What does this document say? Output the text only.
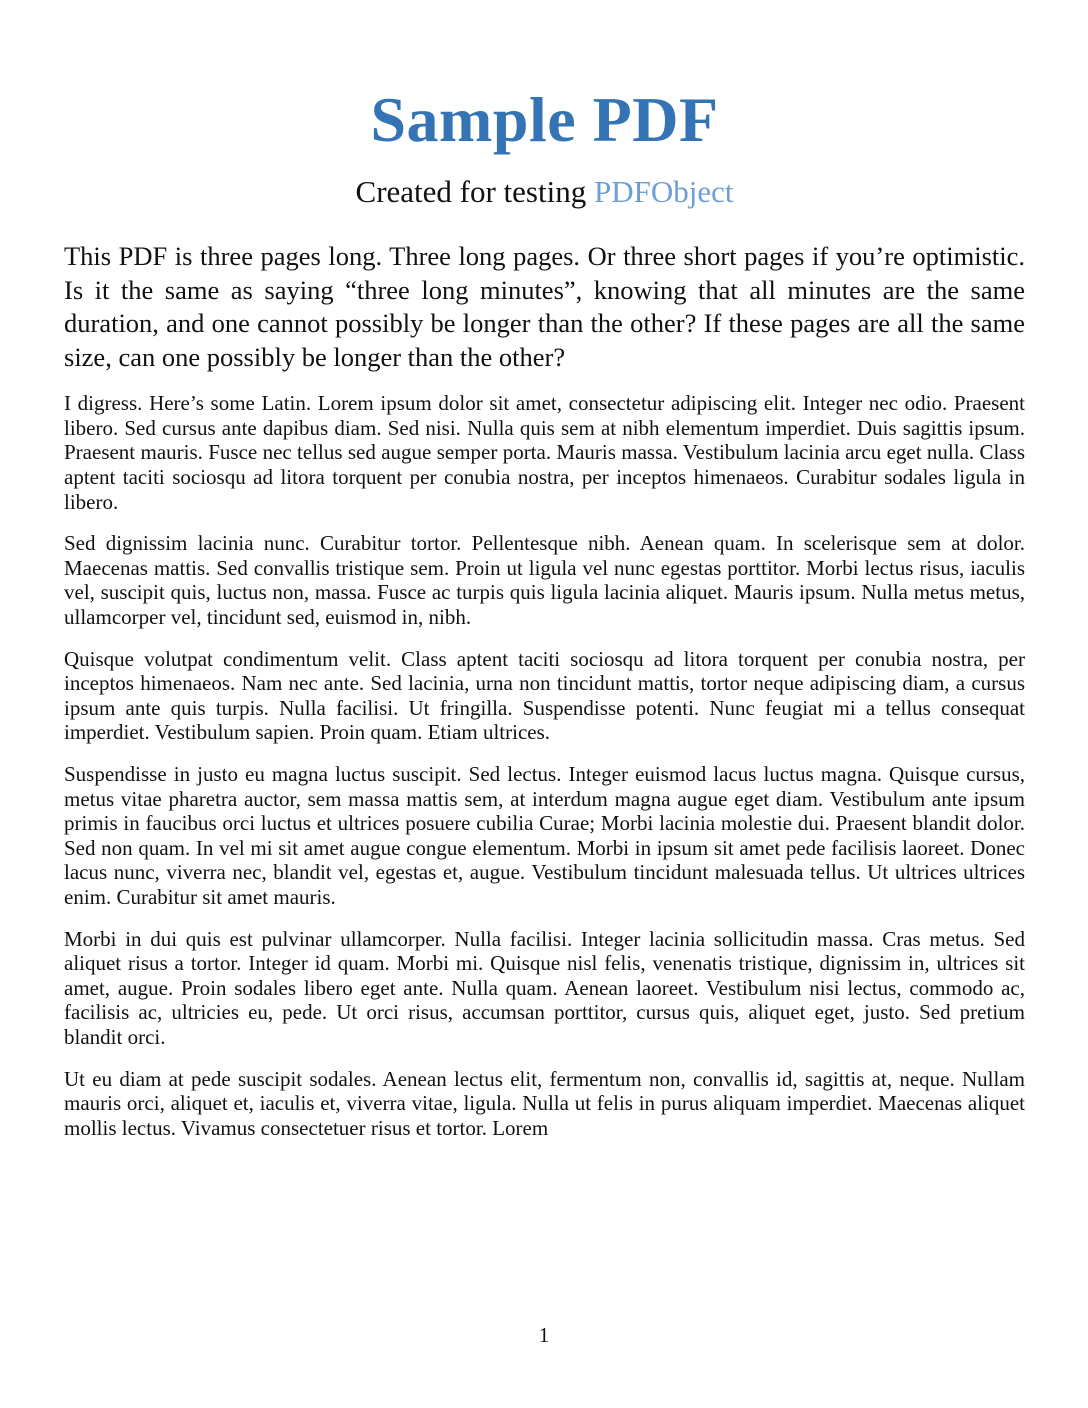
Sample PDF
Created for testing PDFObject

This PDF is three pages long. Three long pages. Or three short pages if you’re optimistic. Is it the same as saying “three long minutes”, knowing that all minutes are the same duration, and one cannot possibly be longer than the other? If these pages are all the same size, can one possibly be longer than the other?

I digress. Here’s some Latin. Lorem ipsum dolor sit amet, consectetur adipiscing elit. Integer nec odio. Praesent libero. Sed cursus ante dapibus diam. Sed nisi. Nulla quis sem at nibh elementum imperdiet. Duis sagittis ipsum. Praesent mauris. Fusce nec tellus sed augue semper porta. Mauris massa. Vestibulum lacinia arcu eget nulla. Class aptent taciti sociosqu ad litora torquent per conubia nostra, per inceptos himenaeos. Curabitur sodales ligula in libero.

Sed dignissim lacinia nunc. Curabitur tortor. Pellentesque nibh. Aenean quam. In scelerisque sem at dolor. Maecenas mattis. Sed convallis tristique sem. Proin ut ligula vel nunc egestas porttitor. Morbi lectus risus, iaculis vel, suscipit quis, luctus non, massa. Fusce ac turpis quis ligula lacinia aliquet. Mauris ipsum. Nulla metus metus, ullamcorper vel, tincidunt sed, euismod in, nibh.

Quisque volutpat condimentum velit. Class aptent taciti sociosqu ad litora torquent per conubia nostra, per inceptos himenaeos. Nam nec ante. Sed lacinia, urna non tincidunt mattis, tortor neque adipiscing diam, a cursus ipsum ante quis turpis. Nulla facilisi. Ut fringilla. Suspendisse potenti. Nunc feugiat mi a tellus consequat imperdiet. Vestibulum sapien. Proin quam. Etiam ultrices.

Suspendisse in justo eu magna luctus suscipit. Sed lectus. Integer euismod lacus luctus magna. Quisque cursus, metus vitae pharetra auctor, sem massa mattis sem, at interdum magna augue eget diam. Vestibulum ante ipsum primis in faucibus orci luctus et ultrices posuere cubilia Curae; Morbi lacinia molestie dui. Praesent blandit dolor. Sed non quam. In vel mi sit amet augue congue elementum. Morbi in ipsum sit amet pede facilisis laoreet. Donec lacus nunc, viverra nec, blandit vel, egestas et, augue. Vestibulum tincidunt malesuada tellus. Ut ultrices ultrices enim. Curabitur sit amet mauris.

Morbi in dui quis est pulvinar ullamcorper. Nulla facilisi. Integer lacinia sollicitudin massa. Cras metus. Sed aliquet risus a tortor. Integer id quam. Morbi mi. Quisque nisl felis, venenatis tristique, dignissim in, ultrices sit amet, augue. Proin sodales libero eget ante. Nulla quam. Aenean laoreet. Vestibulum nisi lectus, commodo ac, facilisis ac, ultricies eu, pede. Ut orci risus, accumsan porttitor, cursus quis, aliquet eget, justo. Sed pretium blandit orci.

Ut eu diam at pede suscipit sodales. Aenean lectus elit, fermentum non, convallis id, sagittis at, neque. Nullam mauris orci, aliquet et, iaculis et, viverra vitae, ligula. Nulla ut felis in purus aliquam imperdiet. Maecenas aliquet mollis lectus. Vivamus consectetuer risus et tortor. Lorem

1
